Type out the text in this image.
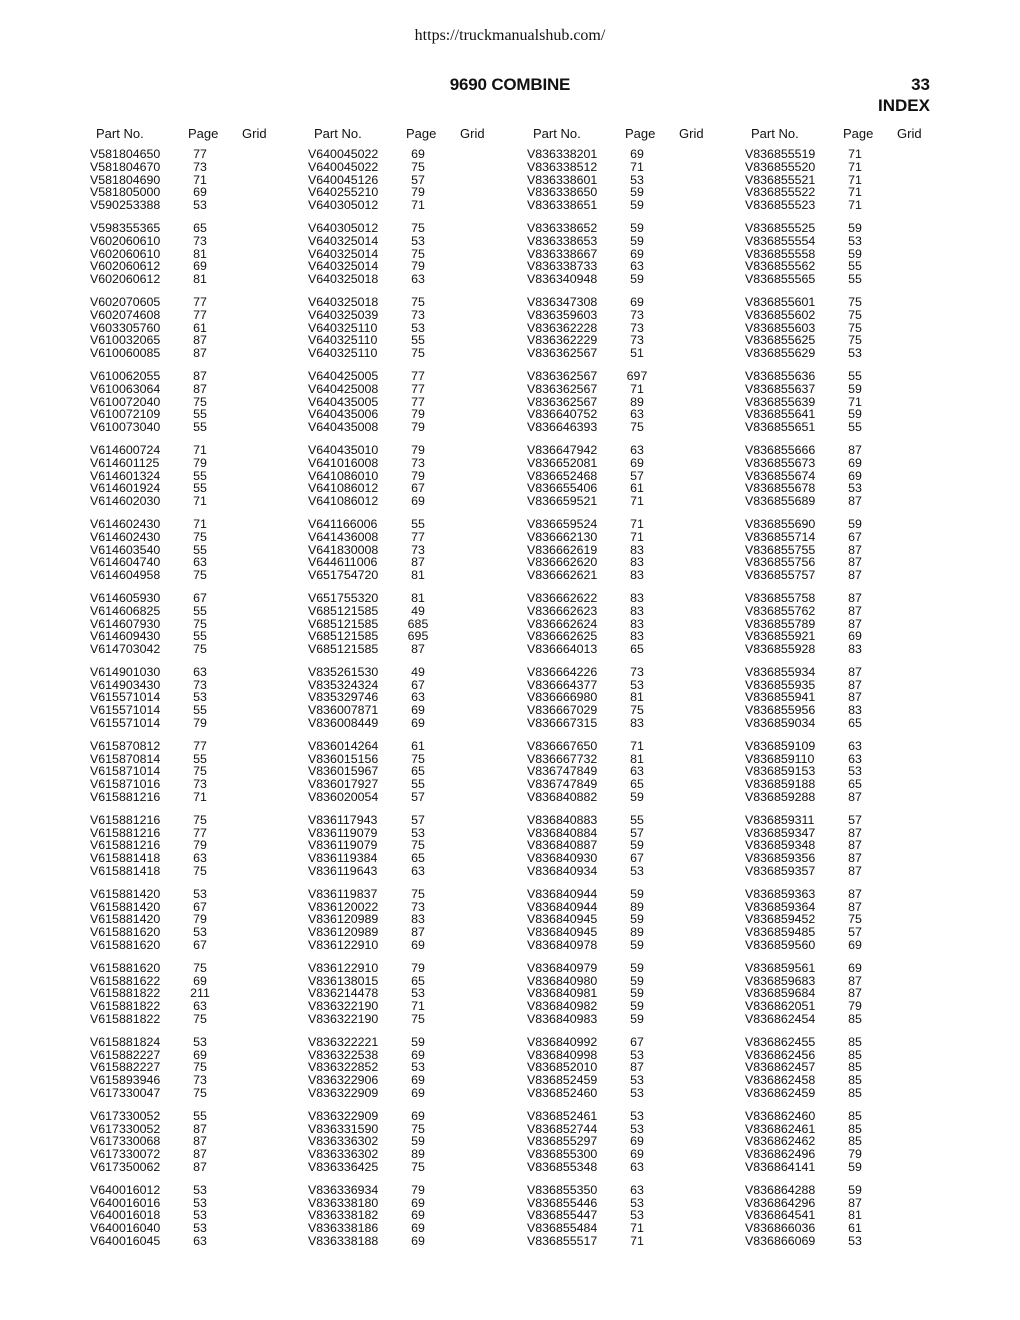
https://truckmanualshub.com/
9690 COMBINE	33
INDEX
Part No.	Page Grid
V581804650	77
V581804670	73
V581804690	71
V581805000	69
V590253388	53
V598355365	65
V602060610	73
V602060610	81
V602060612	69
V602060612	81
V602070605	77
V602074608	77
V603305760	61
V610032065	87
V610060085	87
V610062055	87
V610063064	87
V610072040	75
V610072109	55
V610073040	55
V614600724	71
V614601125	79
V614601324	55
V614601924	55
V614602030	71
V614602430	71
V614602430	75
V614603540	55
V614604740	63
V614604958	75
V614605930	67
V614606825	55
V614607930	75
V614609430	55
V614703042	75
V614901030	63
V614903430	73
V615571014	53
V615571014	55
V615571014	79
V615870812	77
V615870814	55
V615871014	75
V615871016	73
V615881216	71
V615881216	75
V615881216	77
V615881216	79
V615881418	63
V615881418	75
V615881420	53
V615881420	67
V615881420	79
V615881620	53
V615881620	67
V615881620	75
V615881622	69
V615881822	211
V615881822	63
V615881822	75
V615881824	53
V615882227	69
V615882227	75
V615893946	73
V617330047	75
V617330052	55
V617330052	87
V617330068	87
V617330072	87
V617350062	87
V640016012	53
V640016016	53
V640016018	53
V640016040	53
V640016045	63
Part No.	Page Grid
V640045022	69
V640045022	75
V640045126	57
V640255210	79
V640305012	71
V640305012	75
V640325014	53
V640325014	75
V640325014	79
V640325018	63
V640325018	75
V640325039	73
V640325110	53
V640325110	55
V640325110	75
V640425005	77
V640425008	77
V640435005	77
V640435006	79
V640435008	79
V640435010	79
V641016008	73
V641086010	79
V641086012	67
V641086012	69
V641166006	55
V641436008	77
V641830008	73
V644611006	87
V651754720	81
V651755320	81
V685121585	49
V685121585	685
V685121585	695
V685121585	87
V835261530	49
V835324324	67
V835329746	63
V836007871	69
V836008449	69
V836014264	61
V836015156	75
V836015967	65
V836017927	55
V836020054	57
V836117943	57
V836119079	53
V836119079	75
V836119384	65
V836119643	63
V836119837	75
V836120022	73
V836120989	83
V836120989	87
V836122910	69
V836122910	79
V836138015	65
V836214478	53
V836322190	71
V836322190	75
V836322221	59
V836322538	69
V836322852	53
V836322906	69
V836322909	69
V836322909	69
V836331590	75
V836336302	59
V836336302	89
V836336425	75
V836336934	79
V836338180	69
V836338182	69
V836338186	69
V836338188	69
Part No.	Page Grid
V836338201	69
V836338512	71
V836338601	53
V836338650	59
V836338651	59
V836338652	59
V836338653	59
V836338667	69
V836338733	63
V836340948	59
V836347308	69
V836359603	73
V836362228	73
V836362229	73
V836362567	51
V836362567	697
V836362567	71
V836362567	89
V836640752	63
V836646393	75
V836647942	63
V836652081	69
V836652468	57
V836655406	61
V836659521	71
V836659524	71
V836662130	71
V836662619	83
V836662620	83
V836662621	83
V836662622	83
V836662623	83
V836662624	83
V836662625	83
V836664013	65
V836664226	73
V836664377	53
V836666980	81
V836667029	75
V836667315	83
V836667650	71
V836667732	81
V836747849	63
V836747849	65
V836840882	59
V836840883	55
V836840884	57
V836840887	59
V836840930	67
V836840934	53
V836840944	59
V836840944	89
V836840945	59
V836840945	89
V836840978	59
V836840979	59
V836840980	59
V836840981	59
V836840982	59
V836840983	59
V836840992	67
V836840998	53
V836852010	87
V836852459	53
V836852460	53
V836852461	53
V836852744	53
V836855297	69
V836855300	69
V836855348	63
V836855350	63
V836855446	53
V836855447	53
V836855484	71
V836855517	71
Part No.	Page Grid
V836855519	71
V836855520	71
V836855521	71
V836855522	71
V836855523	71
V836855525	59
V836855554	53
V836855558	59
V836855562	55
V836855565	55
V836855601	75
V836855602	75
V836855603	75
V836855625	75
V836855629	53
V836855636	55
V836855637	59
V836855639	71
V836855641	59
V836855651	55
V836855666	87
V836855673	69
V836855674	69
V836855678	53
V836855689	87
V836855690	59
V836855714	67
V836855755	87
V836855756	87
V836855757	87
V836855758	87
V836855762	87
V836855789	87
V836855921	69
V836855928	83
V836855934	87
V836855935	87
V836855941	87
V836855956	83
V836859034	65
V836859109	63
V836859110	63
V836859153	53
V836859188	65
V836859288	87
V836859311	57
V836859347	87
V836859348	87
V836859356	87
V836859357	87
V836859363	87
V836859364	87
V836859452	75
V836859485	57
V836859560	69
V836859561	69
V836859683	87
V836859684	87
V836862051	79
V836862454	85
V836862455	85
V836862456	85
V836862457	85
V836862458	85
V836862459	85
V836862460	85
V836862461	85
V836862462	85
V836862496	79
V836864141	59
V836864288	59
V836864296	87
V836864541	81
V836866036	61
V836866069	53
